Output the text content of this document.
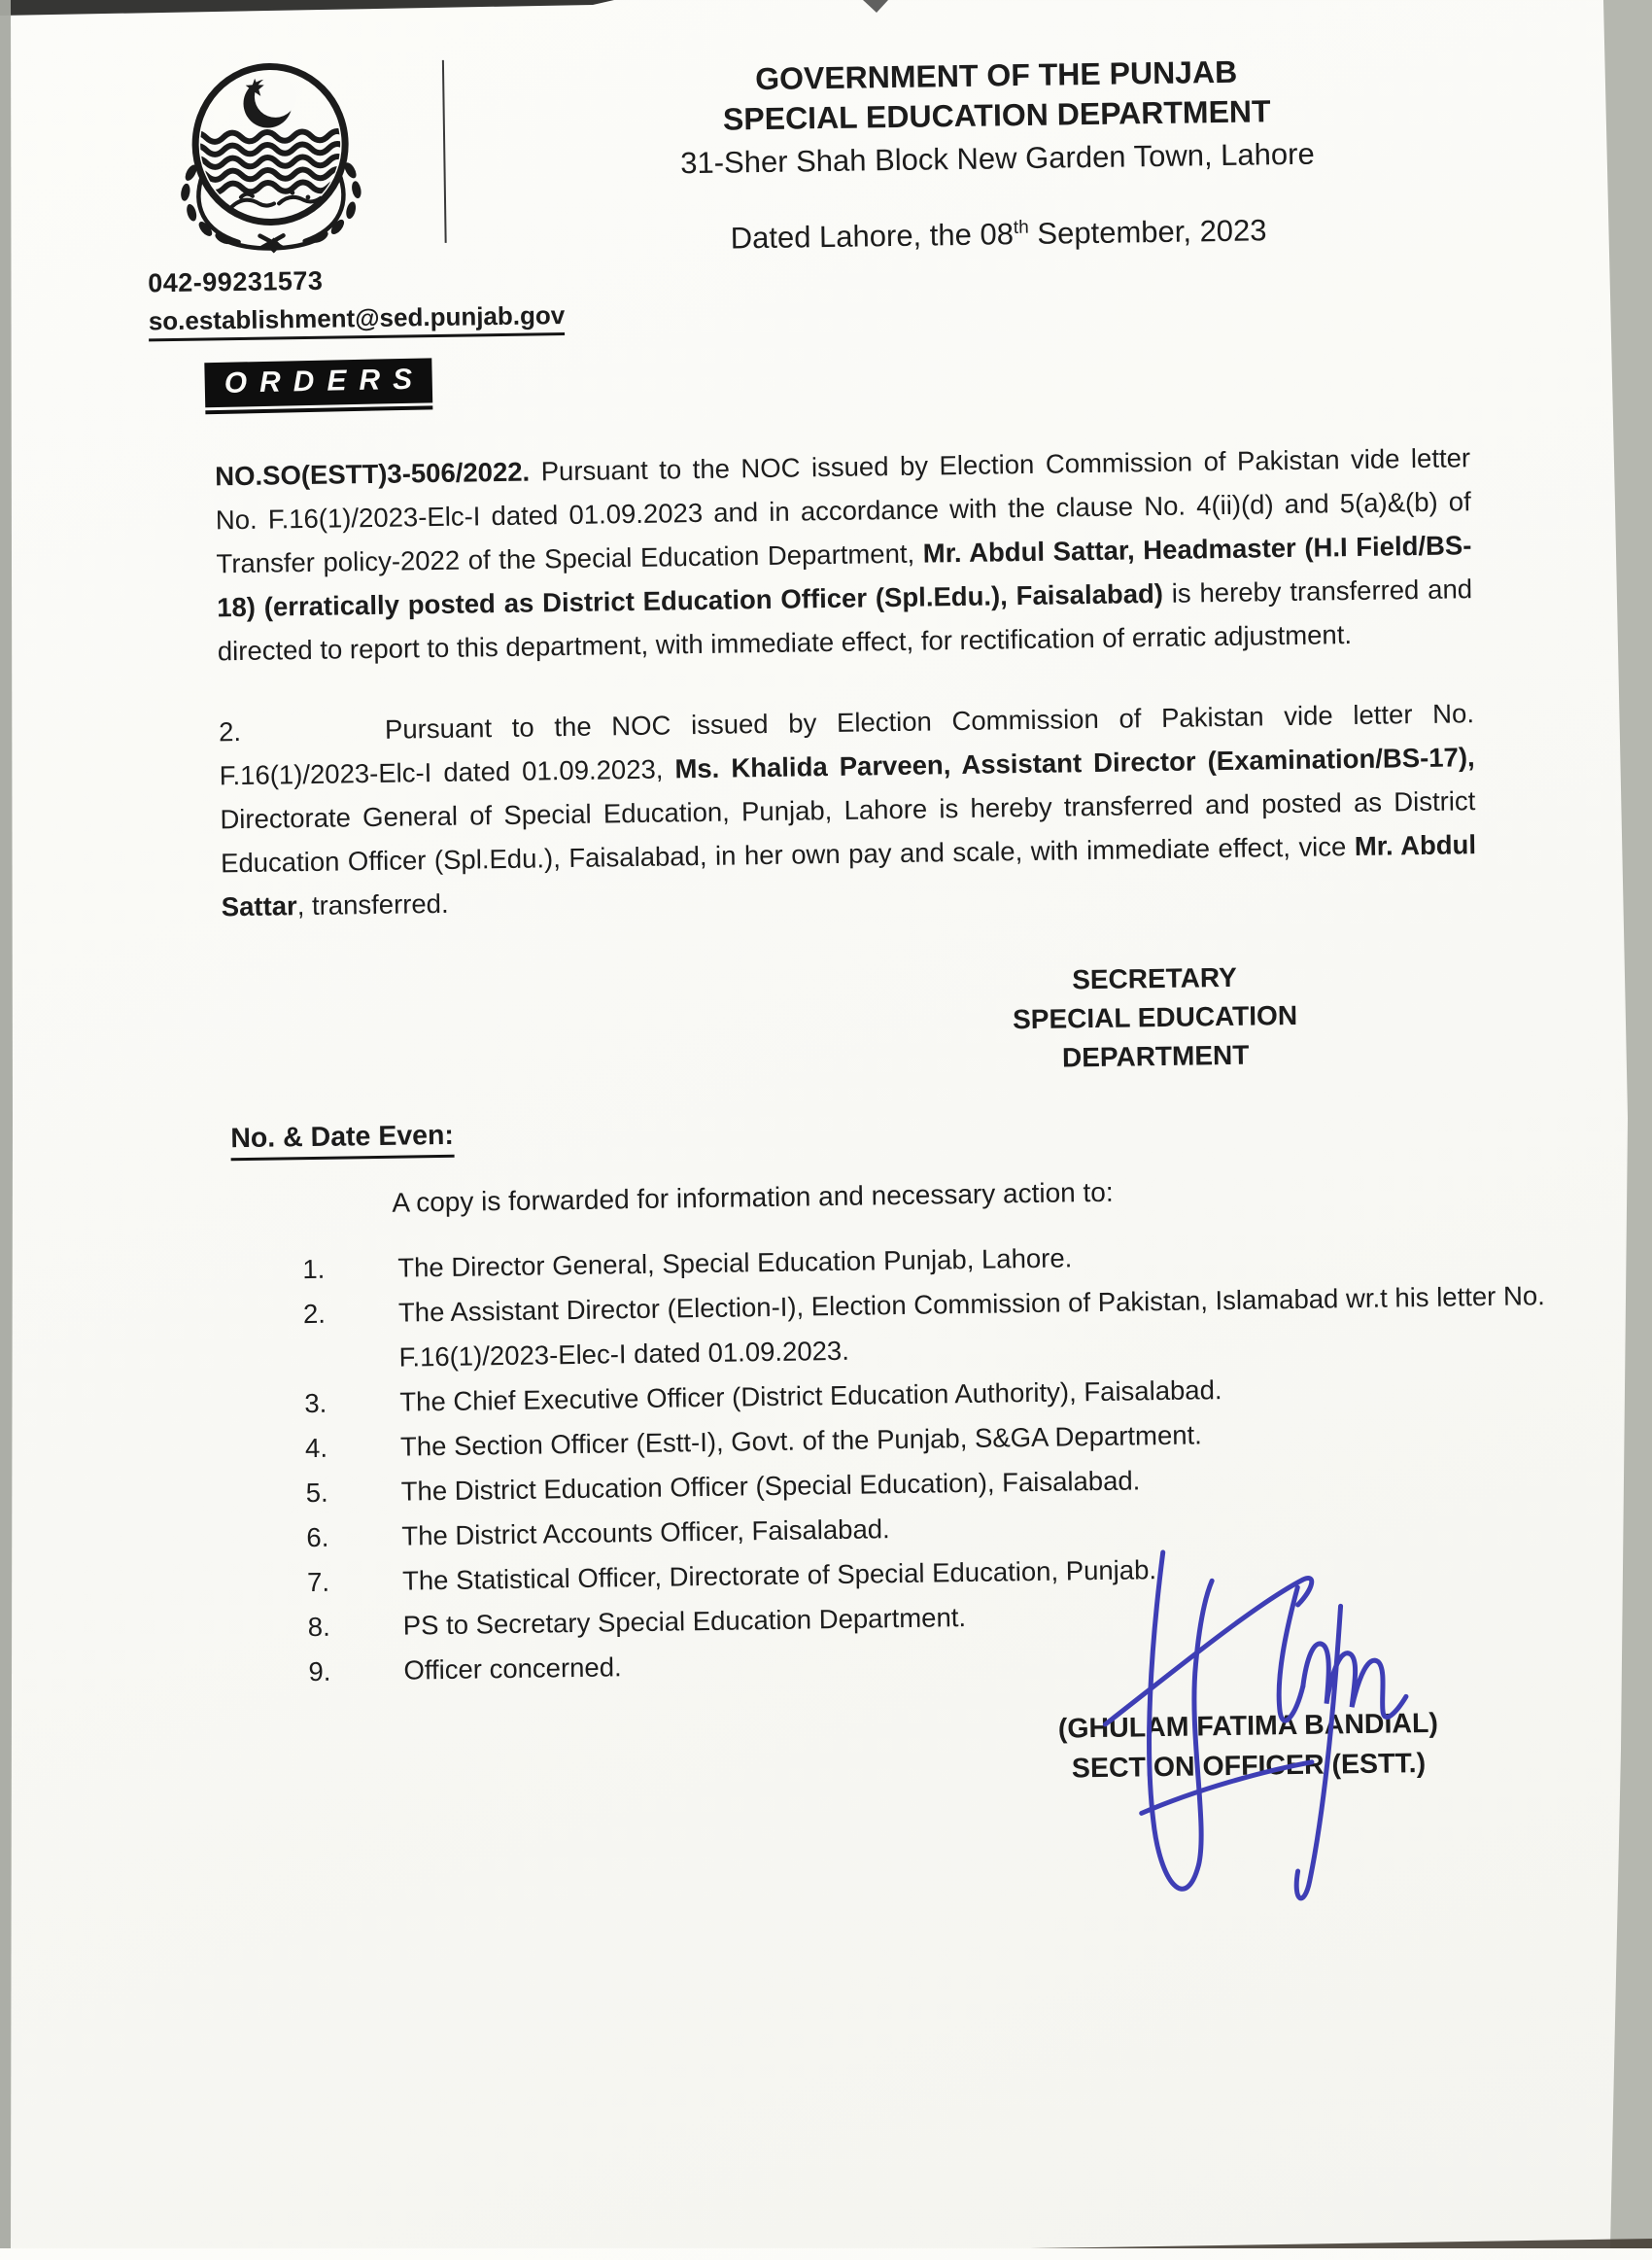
042-99231573
so.establishment@sed.punjab.gov
GOVERNMENT OF THE PUNJAB
SPECIAL EDUCATION DEPARTMENT
31-Sher Shah Block New Garden Town, Lahore
Dated Lahore, the 08th September, 2023
ORDERS
NO.SO(ESTT)3-506/2022. Pursuant to the NOC issued by Election Commission of Pakistan vide letter No. F.16(1)/2023-Elc-I dated 01.09.2023 and in accordance with the clause No. 4(ii)(d) and 5(a)&(b) of Transfer policy-2022 of the Special Education Department, Mr. Abdul Sattar, Headmaster (H.I Field/BS-18) (erratically posted as District Education Officer (Spl.Edu.), Faisalabad) is hereby transferred and directed to report to this department, with immediate effect, for rectification of erratic adjustment.
2.	Pursuant to the NOC issued by Election Commission of Pakistan vide letter No. F.16(1)/2023-Elc-I dated 01.09.2023, Ms. Khalida Parveen, Assistant Director (Examination/BS-17), Directorate General of Special Education, Punjab, Lahore is hereby transferred and posted as District Education Officer (Spl.Edu.), Faisalabad, in her own pay and scale, with immediate effect, vice Mr. Abdul Sattar, transferred.
SECRETARY
SPECIAL EDUCATION
DEPARTMENT
No. & Date Even:
A copy is forwarded for information and necessary action to:
1.	The Director General, Special Education Punjab, Lahore.
2.	The Assistant Director (Election-I), Election Commission of Pakistan, Islamabad wr.t his letter No. F.16(1)/2023-Elec-I dated 01.09.2023.
3.	The Chief Executive Officer (District Education Authority), Faisalabad.
4.	The Section Officer (Estt-I), Govt. of the Punjab, S&GA Department.
5.	The District Education Officer (Special Education), Faisalabad.
6.	The District Accounts Officer, Faisalabad.
7.	The Statistical Officer, Directorate of Special Education, Punjab.
8.	PS to Secretary Special Education Department.
9.	Officer concerned.
(GHULAM FATIMA BANDIAL)
SECTION OFFICER (ESTT.)
